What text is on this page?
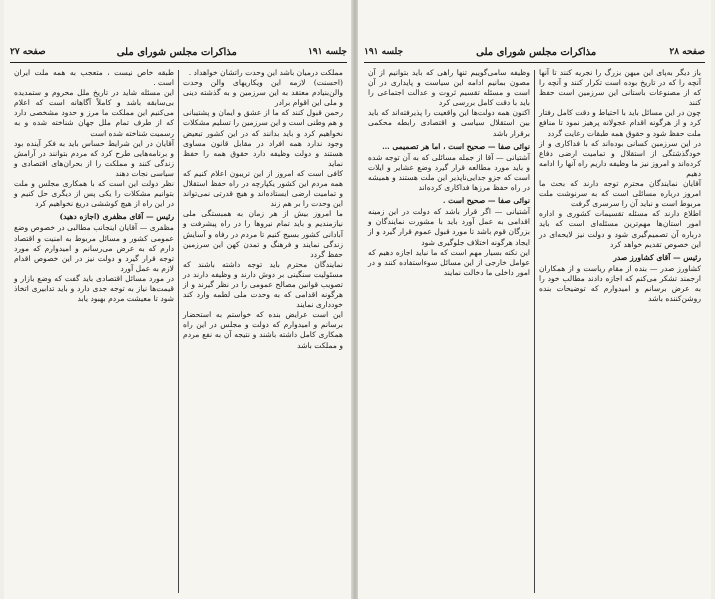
جلسه ۱۹۱
مذاکرات مجلس شورای ملی
صفحه ۲۷

مملکت درمیان باشد این وحدت راتشان خواهداد .

(احسنت) لازمه این ویکاریهای والن وحدت والن‌بنیادم معتقد به این سرزمین و به گذشته دینی و ملی این اقوام برادر

رحمن قبول کنند که ما از عشق و ایمان و پشتیبانی و هم وطنی است و این سرزمین را تسلیم مشکلات نخواهیم کرد و باید بدانند که در این کشور تبعیض وجود ندارد همه افراد در مقابل قانون مساوی هستند و دولت وظیفه دارد حقوق همه را حفظ نماید

کافی است که امروز از این تریبون اعلام کنیم که همه مردم این کشور یکپارچه در راه حفظ استقلال و تمامیت ارضی ایستاده‌اند و هیچ قدرتی نمی‌تواند این وحدت را بر هم زند

ما امروز بیش از هر زمان به همبستگی ملی نیازمندیم و باید تمام نیروها را در راه پیشرفت و آبادانی کشور بسیج کنیم تا مردم در رفاه و آسایش زندگی نمایند و فرهنگ و تمدن کهن این سرزمین حفظ گردد

نمایندگان محترم باید توجه داشته باشند که مسئولیت سنگینی بر دوش دارند و وظیفه دارند در تصویب قوانین مصالح عمومی را در نظر گیرند و از هرگونه اقدامی که به وحدت ملی لطمه وارد کند خودداری نمایند

این است عرایض بنده که خواستم به استحضار برسانم و امیدوارم که دولت و مجلس در این راه همکاری کامل داشته باشند و نتیجه آن به نفع مردم و مملکت باشد

طبقه خاص نیست ، متعجب به همه ملت ایران است .

این مسئله شاید در تاریخ ملل محروم و ستمدیده بی‌سابقه باشد و کاملاً آگاهانه است که اعلام می‌کنیم این مملکت ما مرز و حدود مشخصی دارد که از طرف تمام ملل جهان شناخته شده و به رسمیت شناخته شده است

آقایان در این شرایط حساس باید به فکر آینده بود و برنامه‌هایی طرح کرد که مردم بتوانند در آرامش زندگی کنند و مملکت را از بحران‌های اقتصادی و سیاسی نجات دهند

نظر دولت این است که با همکاری مجلس و ملت بتوانیم مشکلات را یکی پس از دیگری حل کنیم و در این راه از هیچ کوششی دریغ نخواهیم کرد

رئیس — آقای مظفری (اجازه دهید)

مظفری — آقایان اینجانب مطالبی در خصوص وضع عمومی کشور و مسائل مربوط به امنیت و اقتصاد دارم که به عرض می‌رسانم و امیدوارم که مورد توجه قرار گیرد و دولت نیز در این خصوص اقدام لازم به عمل آورد

در مورد مسائل اقتصادی باید گفت که وضع بازار و قیمت‌ها نیاز به توجه جدی دارد و باید تدابیری اتخاذ شود تا معیشت مردم بهبود یابد

صفحه ۲۸
مذاکرات مجلس شورای ملی
جلسه ۱۹۱

باز دیگر به‌پای این میهن بزرگ را نجریه کنند تا آنها آنچه را که در تاریخ بوده است تکرار کنند و آنچه را که از مصنوعات باستانی این سرزمین است حفظ کنند

چون در این مسائل باید با احتیاط و دقت کامل رفتار کرد و از هرگونه اقدام عجولانه پرهیز نمود تا منافع ملت حفظ شود و حقوق همه طبقات رعایت گردد

در این سرزمین کسانی بوده‌اند که با فداکاری و از خودگذشتگی از استقلال و تمامیت ارضی دفاع کرده‌اند و امروز نیز ما وظیفه داریم راه آنها را ادامه دهیم

آقایان نمایندگان محترم توجه دارند که بحث ما امروز درباره مسائلی است که به سرنوشت ملت مربوط است و نباید آن را سرسری گرفت

اطلاع دارند که مسئله تقسیمات کشوری و اداره امور استان‌ها مهم‌ترین مسئله‌ای است که باید درباره آن تصمیم‌گیری شود و دولت نیز لایحه‌ای در این خصوص تقدیم خواهد کرد

رئیس — آقای کشاورز صدر

کشاورز صدر — بنده از مقام ریاست و از همکاران ارجمند تشکر می‌کنم که اجازه دادند مطالب خود را به عرض برسانم و امیدوارم که توضیحات بنده روشن‌کننده باشد

وظیفه سامی‌گوییم تنها راهی که باید بتوانیم از آن مصون بمانیم ادامه این سیاست و پایداری در آن است و مسئله تقسیم ثروت و عدالت اجتماعی را باید با دقت کامل بررسی کرد

اکنون همه دولت‌ها این واقعیت را پذیرفته‌اند که باید بین استقلال سیاسی و اقتصادی رابطه محکمی برقرار باشد

نوائی صفا — صحیح است ، اما هر تصمیمی …

آشتیانی — آقا از جمله مسائلی که به آن توجه شده و باید مورد مطالعه قرار گیرد وضع عشایر و ایلات است که جزو جدایی‌ناپذیر این ملت هستند و همیشه در راه حفظ مرزها فداکاری کرده‌اند

نوائی صفا — صحیح است .

آشتیانی — اگر قرار باشد که دولت در این زمینه اقدامی به عمل آورد باید با مشورت نمایندگان و بزرگان قوم باشد تا مورد قبول عموم قرار گیرد و از ایجاد هرگونه اختلاف جلوگیری شود

این نکته بسیار مهم است که ما نباید اجازه دهیم که عوامل خارجی از این مسائل سوءاستفاده کنند و در امور داخلی ما دخالت نمایند
